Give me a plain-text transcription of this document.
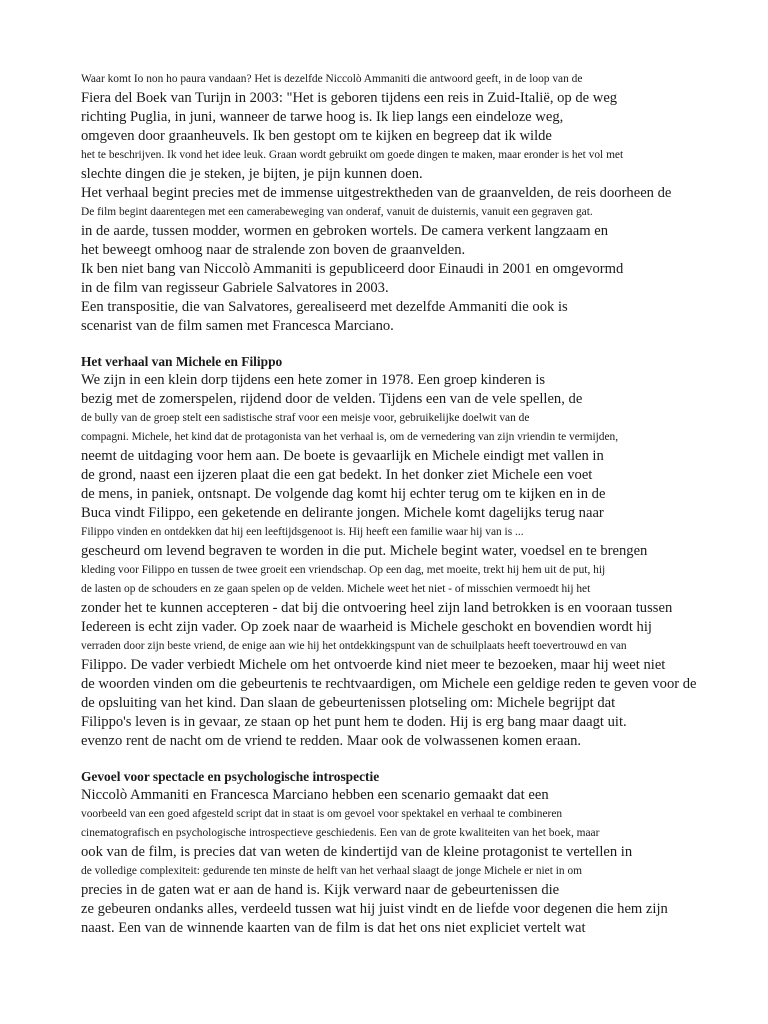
Waar komt Io non ho paura vandaan? Het is dezelfde Niccolò Ammaniti die antwoord geeft, in de loop van de
Fiera del Boek van Turijn in 2003: "Het is geboren tijdens een reis in Zuid-Italië, op de weg
richting Puglia, in juni, wanneer de tarwe hoog is. Ik liep langs een eindeloze weg,
omgeven door graanheuvels. Ik ben gestopt om te kijken en begreep dat ik wilde
het te beschrijven. Ik vond het idee leuk. Graan wordt gebruikt om goede dingen te maken, maar eronder is het vol met
slechte dingen die je steken, je bijten, je pijn kunnen doen.
Het verhaal begint precies met de immense uitgestrektheden van de graanvelden, de reis doorheen de
De film begint daarentegen met een camerabeweging van onderaf, vanuit de duisternis, vanuit een gegraven gat.
in de aarde, tussen modder, wormen en gebroken wortels. De camera verkent langzaam en
het beweegt omhoog naar de stralende zon boven de graanvelden.
Ik ben niet bang van Niccolò Ammaniti is gepubliceerd door Einaudi in 2001 en omgevormd
in de film van regisseur Gabriele Salvatores in 2003.
Een transpositie, die van Salvatores, gerealiseerd met dezelfde Ammaniti die ook is
scenarist van de film samen met Francesca Marciano.
Het verhaal van Michele en Filippo
We zijn in een klein dorp tijdens een hete zomer in 1978. Een groep kinderen is
bezig met de zomerspelen, rijdend door de velden. Tijdens een van de vele spellen, de
de bully van de groep stelt een sadistische straf voor een meisje voor, gebruikelijke doelwit van de
compagni. Michele, het kind dat de protagonista van het verhaal is, om de vernedering van zijn vriendin te vermijden,
neemt de uitdaging voor hem aan. De boete is gevaarlijk en Michele eindigt met vallen in
de grond, naast een ijzeren plaat die een gat bedekt. In het donker ziet Michele een voet
de mens, in paniek, ontsnapt. De volgende dag komt hij echter terug om te kijken en in de
Buca vindt Filippo, een geketende en delirante jongen. Michele komt dagelijks terug naar
Filippo vinden en ontdekken dat hij een leeftijdsgenoot is. Hij heeft een familie waar hij van is ...
gescheurd om levend begraven te worden in die put. Michele begint water, voedsel en te brengen
kleding voor Filippo en tussen de twee groeit een vriendschap. Op een dag, met moeite, trekt hij hem uit de put, hij
de lasten op de schouders en ze gaan spelen op de velden. Michele weet het niet - of misschien vermoedt hij het
zonder het te kunnen accepteren - dat bij die ontvoering heel zijn land betrokken is en vooraan tussen
Iedereen is echt zijn vader. Op zoek naar de waarheid is Michele geschokt en bovendien wordt hij
verraden door zijn beste vriend, de enige aan wie hij het ontdekkingspunt van de schuilplaats heeft toevertrouwd en van
Filippo. De vader verbiedt Michele om het ontvoerde kind niet meer te bezoeken, maar hij weet niet
de woorden vinden om die gebeurtenis te rechtvaardigen, om Michele een geldige reden te geven voor de
de opsluiting van het kind. Dan slaan de gebeurtenissen plotseling om: Michele begrijpt dat
Filippo's leven is in gevaar, ze staan op het punt hem te doden. Hij is erg bang maar daagt uit.
evenzo rent de nacht om de vriend te redden. Maar ook de volwassenen komen eraan.
Gevoel voor spectacle en psychologische introspectie
Niccolò Ammaniti en Francesca Marciano hebben een scenario gemaakt dat een
voorbeeld van een goed afgesteld script dat in staat is om gevoel voor spektakel en verhaal te combineren
cinematografisch en psychologische introspectieve geschiedenis. Een van de grote kwaliteiten van het boek, maar
ook van de film, is precies dat van weten de kindertijd van de kleine protagonist te vertellen in
de volledige complexiteit: gedurende ten minste de helft van het verhaal slaagt de jonge Michele er niet in om
precies in de gaten wat er aan de hand is. Kijk verward naar de gebeurtenissen die
ze gebeuren ondanks alles, verdeeld tussen wat hij juist vindt en de liefde voor degenen die hem zijn
naast. Een van de winnende kaarten van de film is dat het ons niet expliciet vertelt wat
